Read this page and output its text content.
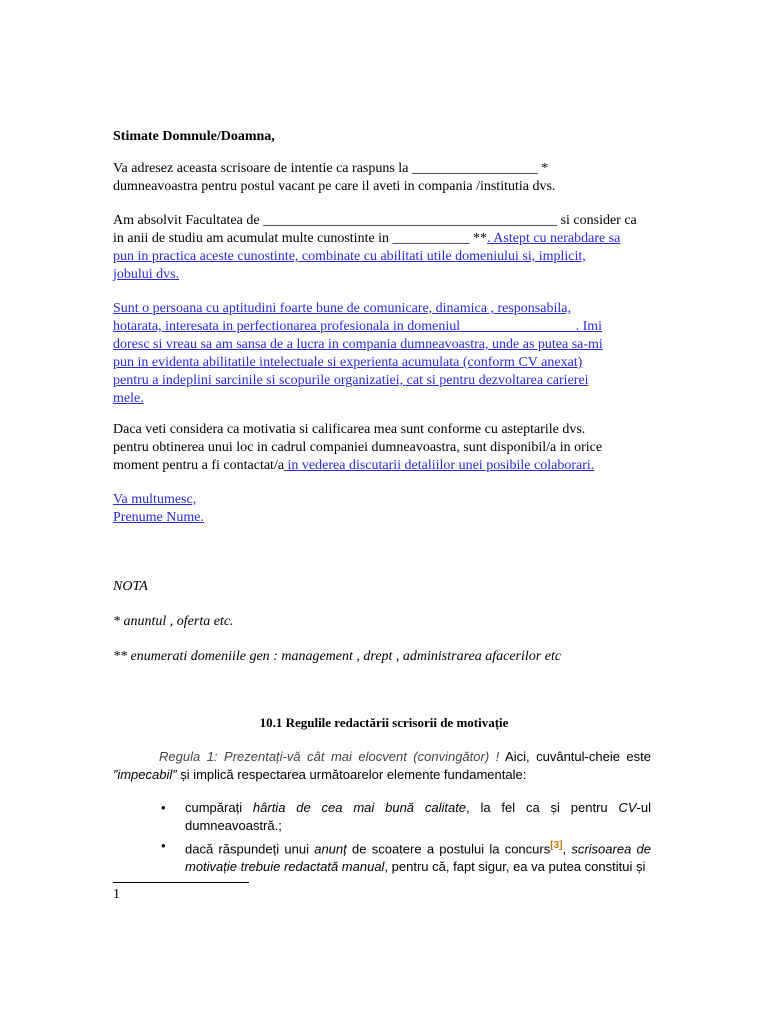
Stimate Domnule/Doamna,

Va adresez aceasta scrisoare de intentie ca raspuns la __________________ *

dumneavoastra pentru postul vacant pe care il aveti in compania /institutia dvs.

Am absolvit Facultatea de __________________________________________ si consider ca

in anii de studiu am acumulat multe cunostinte in ___________ **. Astept cu nerabdare sa

pun in practica aceste cunostinte, combinate cu abilitati utile domeniului si, implicit,

jobului dvs.

Sunt o persoana cu aptitudini foarte bune de comunicare, dinamica , responsabila,

hotarata, interesata in perfectionarea profesionala in domeniul ________________. Imi

doresc si vreau sa am sansa de a lucra in compania dumneavoastra, unde as putea sa-mi

pun in evidenta abilitatile intelectuale si experienta acumulata (conform CV anexat)

pentru a indeplini sarcinile si scopurile organizatiei, cat si pentru dezvoltarea carierei

mele.

Daca veti considera ca motivatia si calificarea mea sunt conforme cu asteptarile dvs.

pentru obtinerea unui loc in cadrul companiei dumneavoastra, sunt disponibil/a in orice

moment pentru a fi contactat/a in vederea discutarii detaliilor unei posibile colaborari.

Va multumesc,

Prenume Nume.

NOTA
* anuntul , oferta etc.
** enumerati domeniile gen : management , drept , administrarea afacerilor etc
10.1 Regulile redactării scrisorii de motivație

Regula 1: Prezentați-vă cât mai elocvent (convingător) ! Aici, cuvântul-cheie este ”impecabil” și implică respectarea următoarelor elemente fundamentale:

• cumpărați hârtia de cea mai bună calitate, la fel ca și pentru CV-ul dumneavoastră.;
• dacă răspundeți unui anunț de scoatere a postului la concurs[3], scrisoarea de motivație trebuie redactată manual, pentru că, fapt sigur, ea va putea constitui și
1
